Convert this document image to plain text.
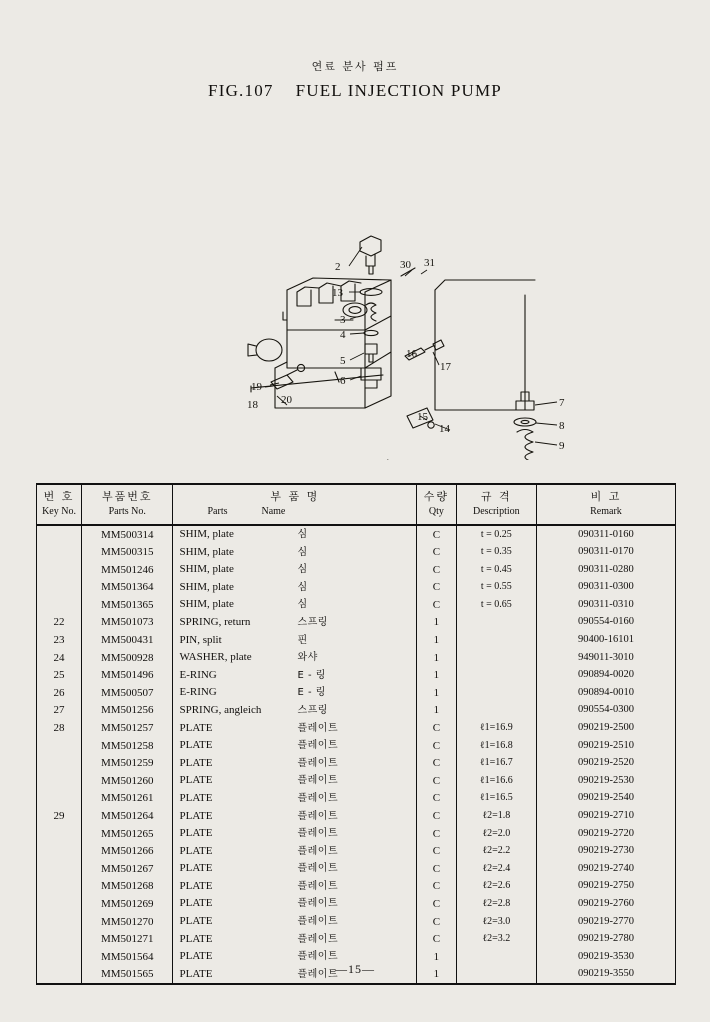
연료 분사 펌프
FIG.107 FUEL INJECTION PUMP
2	30 31
13
3
4
5
6
17
16
15
14
20
19
18	7
8
9
번 호	부품번호	부 품 명	수량	규 격	비 고
Key No.	Parts No.	Parts Name	Qty	Description	Remark
	MM500314	SHIM, plate 심	C	t = 0.25	090311-0160
	MM500315	SHIM, plate 심	C	t = 0.35	090311-0170
	MM501246	SHIM, plate 심	C	t = 0.45	090311-0280
	MM501364	SHIM, plate 심	C	t = 0.55	090311-0300
	MM501365	SHIM, plate 심	C	t = 0.65	090311-0310
22	MM501073	SPRING, return 스프링	1		090554-0160
23	MM500431	PIN, split 핀	1		90400-16101
24	MM500928	WASHER, plate 와샤	1		949011-3010
25	MM501496	E-RING E - 링	1		090894-0020
26	MM500507	E-RING E - 링	1		090894-0010
27	MM501256	SPRING, angleich 스프링	1		090554-0300
28	MM501257	PLATE 플레이트	C	ℓ1=16.9	090219-2500
	MM501258	PLATE 플레이트	C	ℓ1=16.8	090219-2510
	MM501259	PLATE 플레이트	C	ℓ1=16.7	090219-2520
	MM501260	PLATE 플레이트	C	ℓ1=16.6	090219-2530
	MM501261	PLATE 플레이트	C	ℓ1=16.5	090219-2540
29	MM501264	PLATE 플레이트	C	ℓ2=1.8	090219-2710
	MM501265	PLATE 플레이트	C	ℓ2=2.0	090219-2720
	MM501266	PLATE 플레이트	C	ℓ2=2.2	090219-2730
	MM501267	PLATE 플레이트	C	ℓ2=2.4	090219-2740
	MM501268	PLATE 플레이트	C	ℓ2=2.6	090219-2750
	MM501269	PLATE 플레이트	C	ℓ2=2.8	090219-2760
	MM501270	PLATE 플레이트	C	ℓ2=3.0	090219-2770
	MM501271	PLATE 플레이트	C	ℓ2=3.2	090219-2780
	MM501564	PLATE 플레이트	1		090219-3530
	MM501565	PLATE 플레이트	1		090219-3550
—15—
